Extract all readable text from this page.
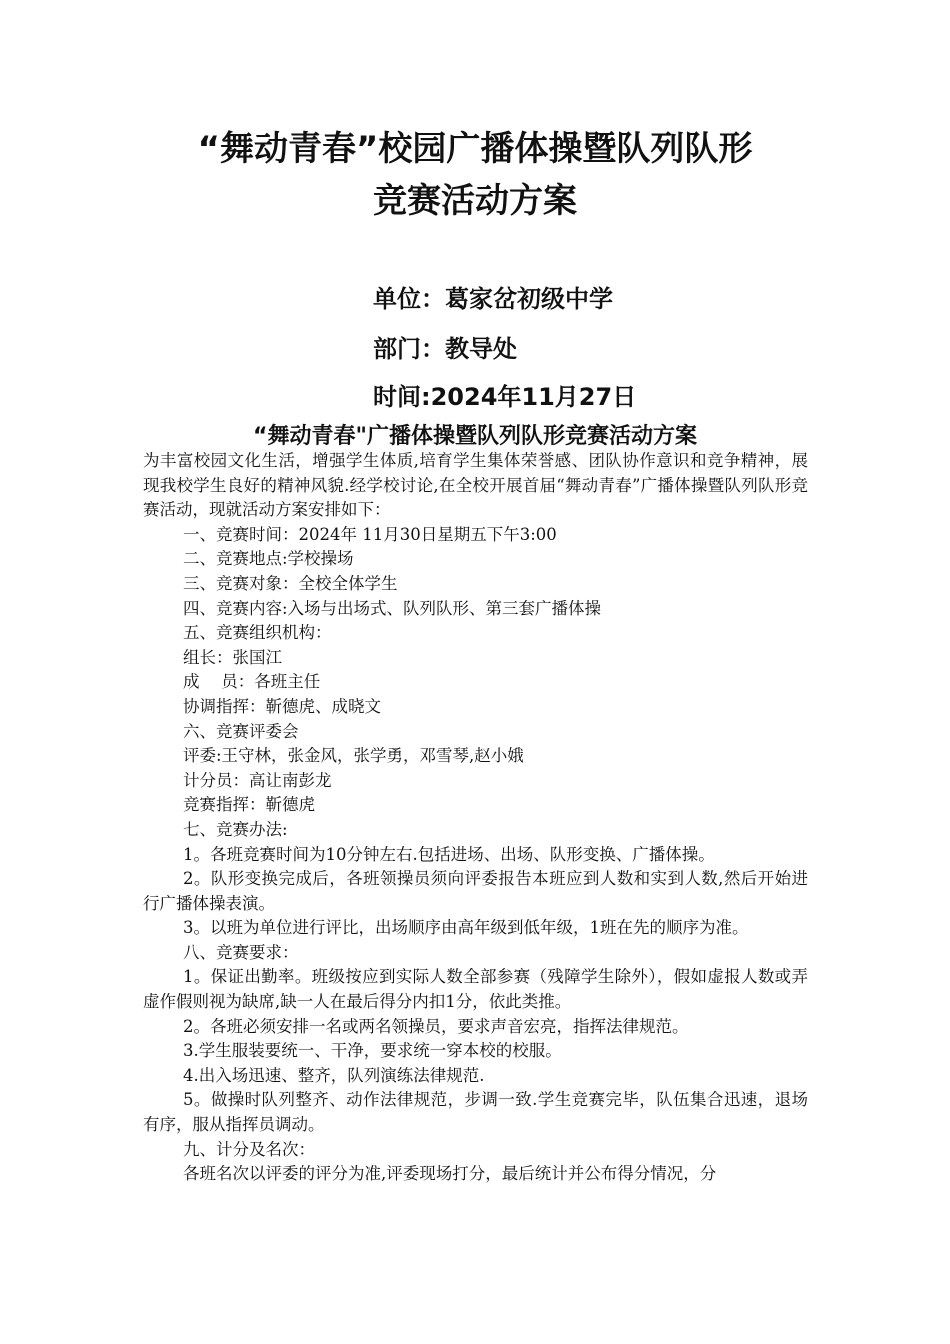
“舞动青春”校园广播体操暨队列队形
竞赛活动方案

单位：葛家岔初级中学

部门：教导处

时间:2024年11月27日

“舞动青春"广播体操暨队列队形竞赛活动方案

为丰富校园文化生活，增强学生体质,培育学生集体荣誉感、团队协作意识和竞争精神，展现我校学生良好的精神风貌.经学校讨论,在全校开展首届“舞动青春”广播体操暨队列队形竞赛活动，现就活动方案安排如下：

一、竞赛时间：2024年 11月30日星期五下午3:00

二、竞赛地点:学校操场

三、竞赛对象：全校全体学生

四、竞赛内容:入场与出场式、队列队形、第三套广播体操

五、竞赛组织机构：

组长：张国江

成　 员：各班主任

协调指挥：靳德虎、成晓文

六、竞赛评委会

评委:王守林，张金风，张学勇，邓雪琴,赵小娥

计分员：高让南彭龙

竞赛指挥：靳德虎

七、竞赛办法:

1。各班竞赛时间为10分钟左右.包括进场、出场、队形变换、广播体操。

2。队形变换完成后，各班领操员须向评委报告本班应到人数和实到人数,然后开始进行广播体操表演。

3。以班为单位进行评比，出场顺序由高年级到低年级，1班在先的顺序为准。

八、竞赛要求：

1。保证出勤率。班级按应到实际人数全部参赛（残障学生除外），假如虚报人数或弄虚作假则视为缺席,缺一人在最后得分内扣1分，依此类推。

2。各班必须安排一名或两名领操员，要求声音宏亮，指挥法律规范。

3.学生服装要统一、干净，要求统一穿本校的校服。

4.出入场迅速、整齐，队列演练法律规范.

5。做操时队列整齐、动作法律规范，步调一致.学生竞赛完毕，队伍集合迅速，退场有序，服从指挥员调动。

九、计分及名次：

各班名次以评委的评分为准,评委现场打分，最后统计并公布得分情况，分
